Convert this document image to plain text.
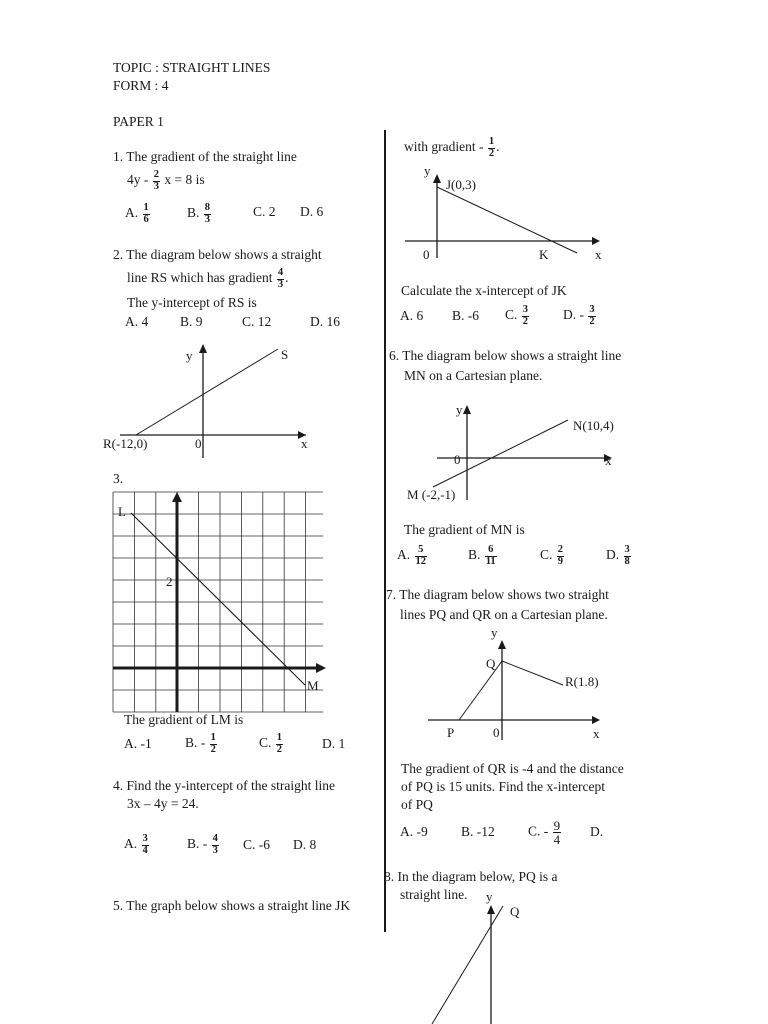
TOPIC : STRAIGHT LINES
FORM : 4
PAPER 1
1. The gradient of the straight line
$4y - \frac{2}{3}$ x = 8 is
A. $\frac{1}{6}$	B. $\frac{8}{3}$	C. 2 D. 6
2. The diagram below shows a straight
line RS which has gradient $\frac{4}{3}$ .
The y-intercept of RS is
A. 4 B. 9	C. 12	D. 16
y	S
R(-12,0)	0	x
3.
L
2
M
The gradient of LM is
A. -1 B. - $\frac{1}{2}$	C. $\frac{1}{2}$	D. 1
4. Find the y-intercept of the straight line
3x – 4y = 24.
A. $\frac{3}{4}$	B. - $\frac{4}{3} C$. -6 D. 8
5. The graph below shows a straight line JK
with gradient - $\frac{1}{2}$ .
y
J(0,3)
0	K	x
Calculate the x-intercept of JK
A. 6 B. -6 C. $\frac{3}{2}$	D. - $\frac{3}{2}$
6. The diagram below shows a straight line
MN on a Cartesian plane.
y
N(10,4)
0	x
M (-2,-1)
The gradient of MN is
A. $\frac{5}{12}$	B. $\frac{6}{11}$	C. $\frac{2}{9}$	D. $\frac{3}{8}$
7. The diagram below shows two straight
lines PQ and QR on a Cartesian plane.
y
Q
R(1.8)
P	0	x
The gradient of QR is -4 and the distance
of PQ is 15 units. Find the x-intercept
of PQ
A. -9 B. -12 C. - $\frac{9}{4} D$.
8. In the diagram below, PQ is a
straight line. y
Q
